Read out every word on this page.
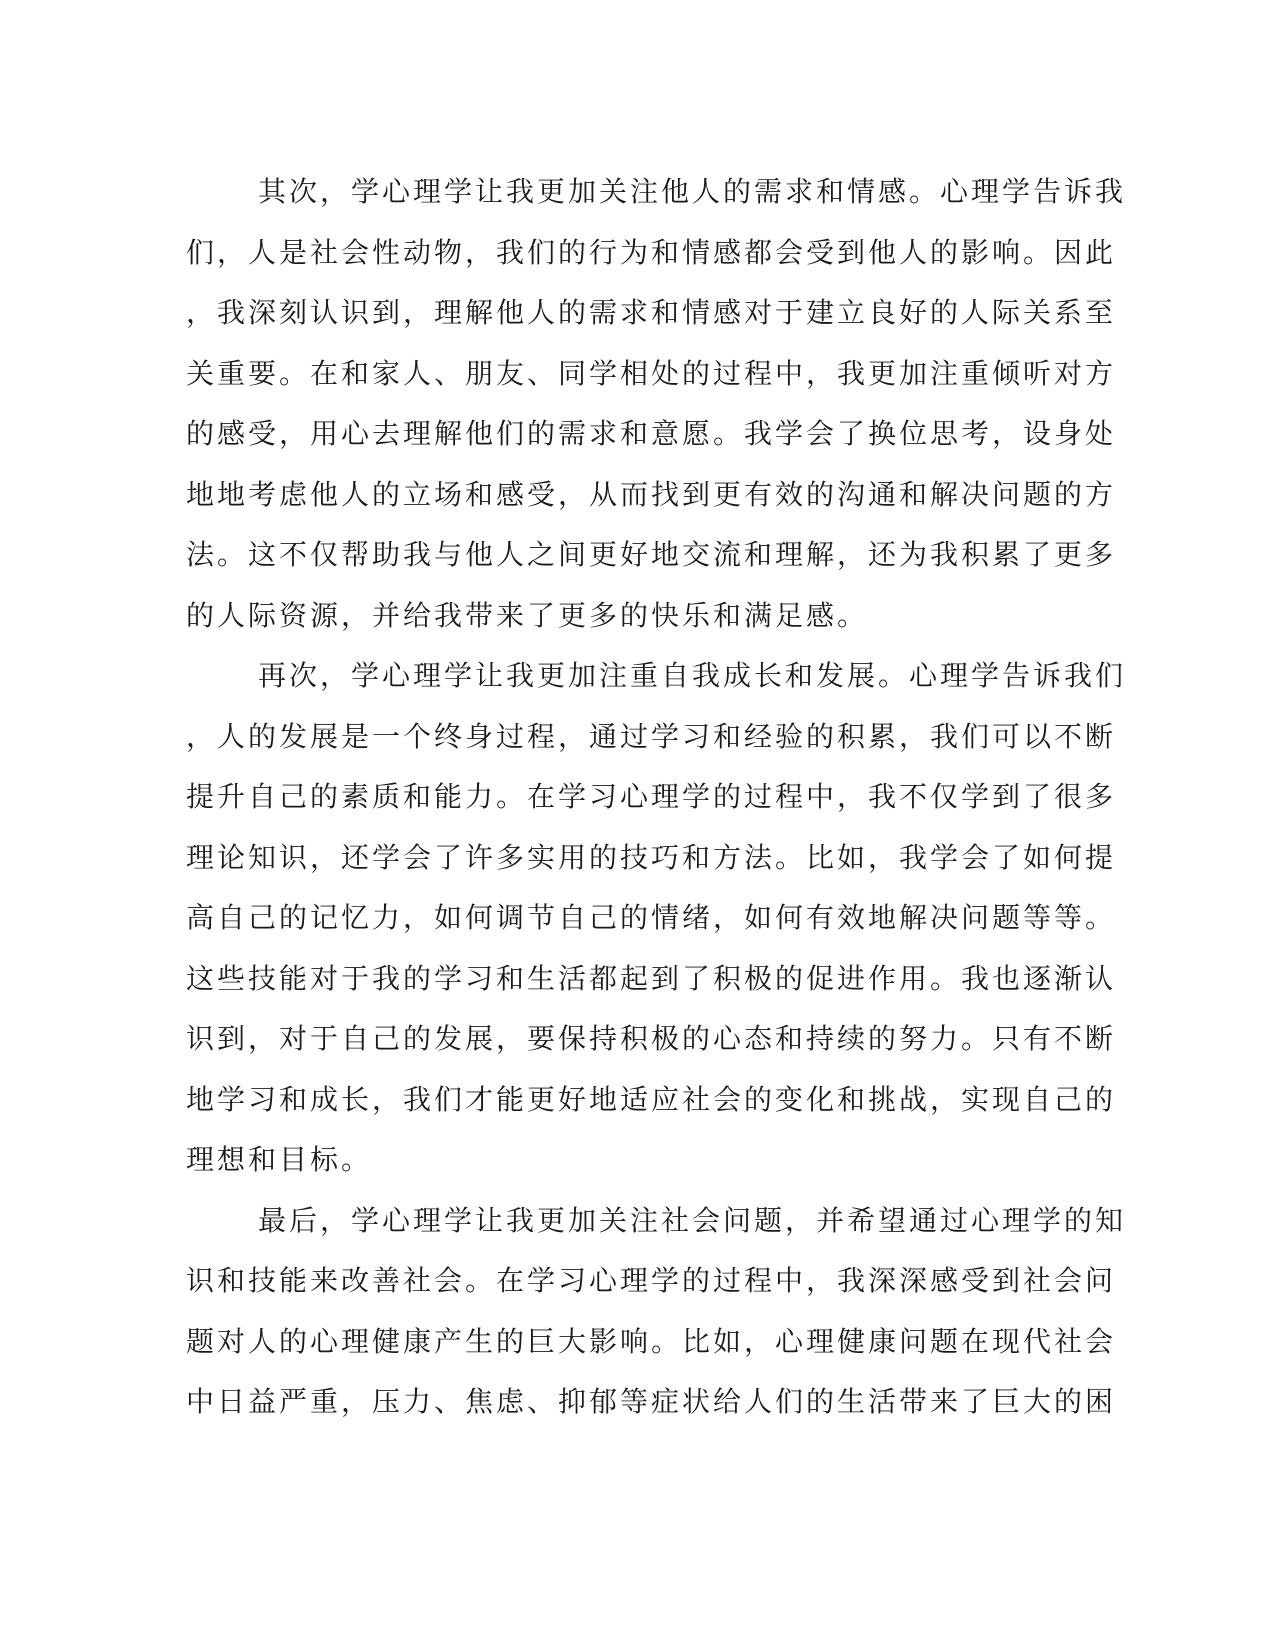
其次，学心理学让我更加关注他人的需求和情感。心理学告诉我
们，人是社会性动物，我们的行为和情感都会受到他人的影响。因此
，我深刻认识到，理解他人的需求和情感对于建立良好的人际关系至
关重要。在和家人、朋友、同学相处的过程中，我更加注重倾听对方
的感受，用心去理解他们的需求和意愿。我学会了换位思考，设身处
地地考虑他人的立场和感受，从而找到更有效的沟通和解决问题的方
法。这不仅帮助我与他人之间更好地交流和理解，还为我积累了更多
的人际资源，并给我带来了更多的快乐和满足感。
再次，学心理学让我更加注重自我成长和发展。心理学告诉我们
，人的发展是一个终身过程，通过学习和经验的积累，我们可以不断
提升自己的素质和能力。在学习心理学的过程中，我不仅学到了很多
理论知识，还学会了许多实用的技巧和方法。比如，我学会了如何提
高自己的记忆力，如何调节自己的情绪，如何有效地解决问题等等。
这些技能对于我的学习和生活都起到了积极的促进作用。我也逐渐认
识到，对于自己的发展，要保持积极的心态和持续的努力。只有不断
地学习和成长，我们才能更好地适应社会的变化和挑战，实现自己的
理想和目标。
最后，学心理学让我更加关注社会问题，并希望通过心理学的知
识和技能来改善社会。在学习心理学的过程中，我深深感受到社会问
题对人的心理健康产生的巨大影响。比如，心理健康问题在现代社会
中日益严重，压力、焦虑、抑郁等症状给人们的生活带来了巨大的困
